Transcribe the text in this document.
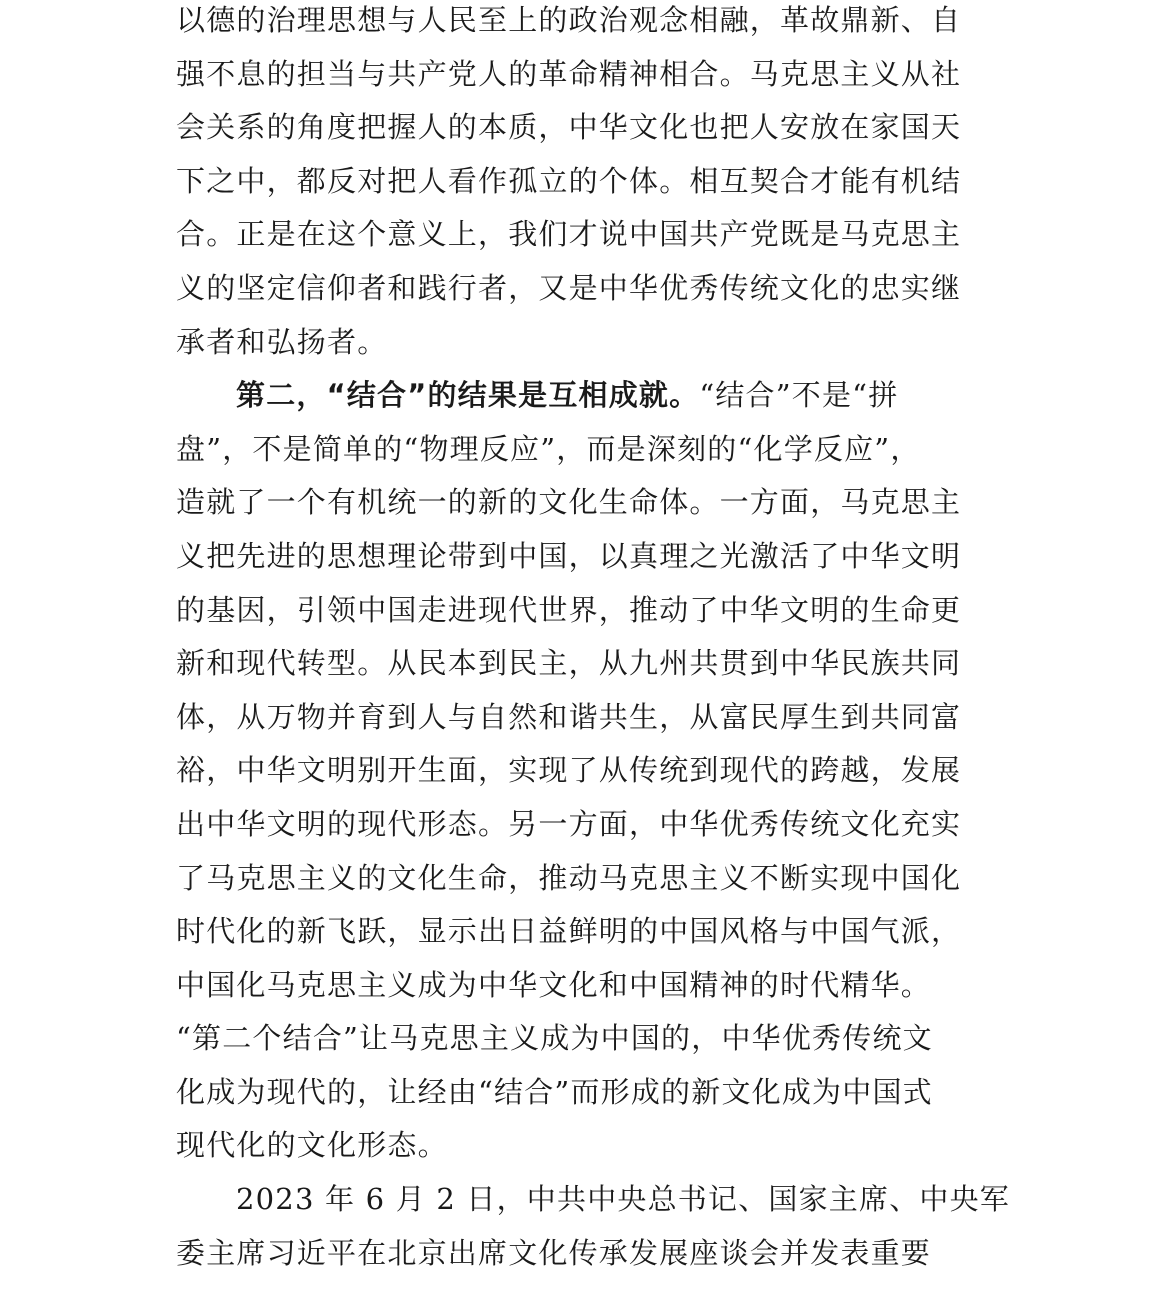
以德的治理思想与人民至上的政治观念相融，革故鼎新、自
强不息的担当与共产党人的革命精神相合。马克思主义从社
会关系的角度把握人的本质，中华文化也把人安放在家国天
下之中，都反对把人看作孤立的个体。相互契合才能有机结
合。正是在这个意义上，我们才说中国共产党既是马克思主
义的坚定信仰者和践行者，又是中华优秀传统文化的忠实继
承者和弘扬者。
第二，“结合”的结果是互相成就。“结合”不是“拼
盘”，不是简单的“物理反应”，而是深刻的“化学反应”，
造就了一个有机统一的新的文化生命体。一方面，马克思主
义把先进的思想理论带到中国，以真理之光激活了中华文明
的基因，引领中国走进现代世界，推动了中华文明的生命更
新和现代转型。从民本到民主，从九州共贯到中华民族共同
体，从万物并育到人与自然和谐共生，从富民厚生到共同富
裕，中华文明别开生面，实现了从传统到现代的跨越，发展
出中华文明的现代形态。另一方面，中华优秀传统文化充实
了马克思主义的文化生命，推动马克思主义不断实现中国化
时代化的新飞跃，显示出日益鲜明的中国风格与中国气派，
中国化马克思主义成为中华文化和中国精神的时代精华。
“第二个结合”让马克思主义成为中国的，中华优秀传统文
化成为现代的，让经由“结合”而形成的新文化成为中国式
现代化的文化形态。
2023 年 6 月 2 日，中共中央总书记、国家主席、中央军
委主席习近平在北京出席文化传承发展座谈会并发表重要
